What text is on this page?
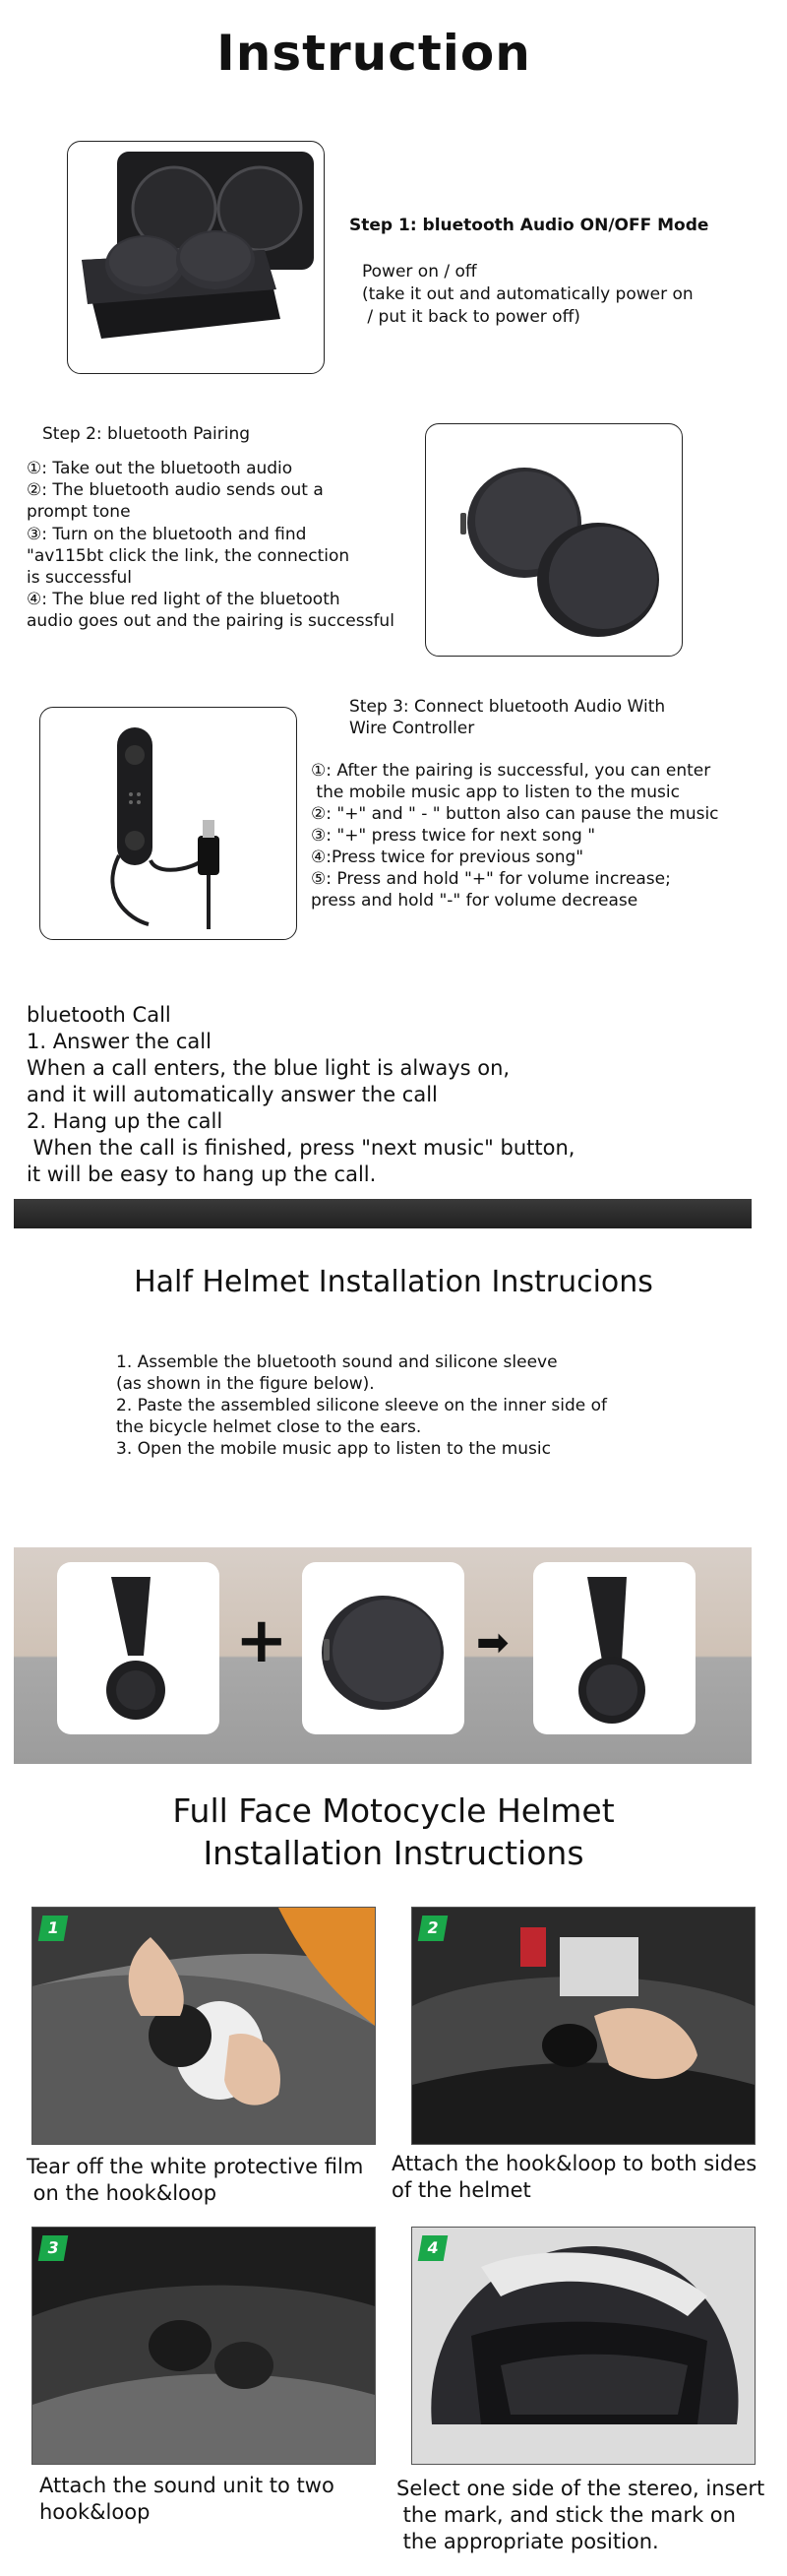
Instruction
Step 1: bluetooth Audio ON/OFF Mode
Power on / off
(take it out and automatically power on
/ put it back to power off)
Step 2: bluetooth Pairing
①: Take out the bluetooth audio
②: The bluetooth audio sends out a
prompt tone
③: Turn on the bluetooth and find
"av115bt click the link, the connection
is successful
④: The blue red light of the bluetooth
audio goes out and the pairing is successful
Step 3: Connect bluetooth Audio With
Wire Controller
①: After the pairing is successful, you can enter
the mobile music app to listen to the music
②: "+" and " - " button also can pause the music
③: "+" press twice for next song "
④:Press twice for previous song"
⑤: Press and hold "+" for volume increase;
press and hold "-" for volume decrease
bluetooth Call
1. Answer the call
When a call enters, the blue light is always on,
and it will automatically answer the call
2. Hang up the call
When the call is finished, press "next music" button,
it will be easy to hang up the call.
Half Helmet Installation Instrucions
1. Assemble the bluetooth sound and silicone sleeve
(as shown in the figure below).
2. Paste the assembled silicone sleeve on the inner side of
the bicycle helmet close to the ears.
3. Open the mobile music app to listen to the music
+	➡
Full Face Motocycle Helmet
Installation Instructions
1
Tear off the white protective film
on the hook&loop
2
Attach the hook&loop to both sides
of the helmet
3
Attach the sound unit to two
hook&loop
4
Select one side of the stereo, insert
the mark, and stick the mark on
the appropriate position.
